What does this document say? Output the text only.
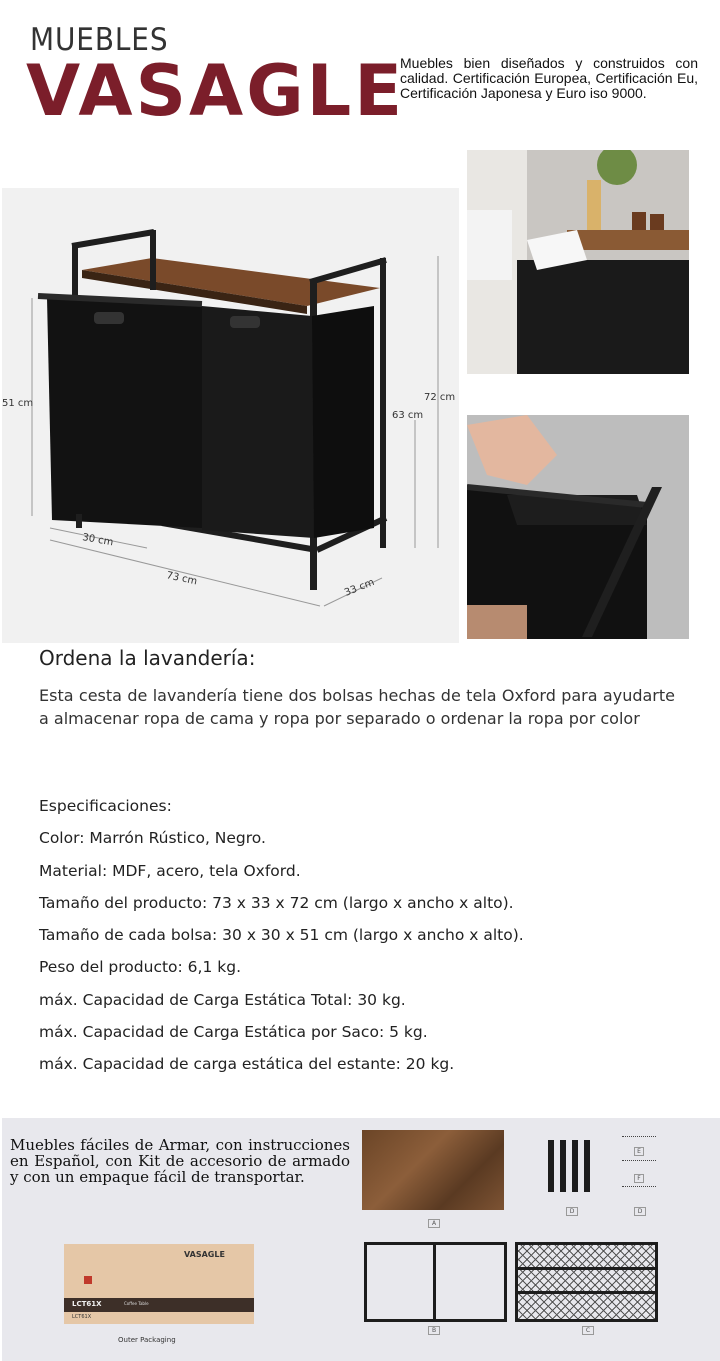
MUEBLES
VASAGLE
Muebles bien diseñados y construidos con calidad. Certificación Europea, Certificación Eu, Certificación Japonesa y Euro iso 9000.
51 cm
30 cm
73 cm
63 cm
72 cm
33 cm
Ordena la lavandería:
Esta cesta de lavandería tiene dos bolsas hechas de tela Oxford para ayudarte a almacenar ropa de cama y ropa por separado o ordenar la ropa por color
Especificaciones:
Color: Marrón Rústico, Negro.
Material: MDF, acero, tela Oxford.
Tamaño del producto: 73 x 33 x 72 cm (largo x ancho x alto).
Tamaño de cada bolsa: 30 x 30 x 51 cm (largo x ancho x alto).
Peso del producto: 6,1 kg.
máx. Capacidad de Carga Estática Total: 30 kg.
máx. Capacidad de Carga Estática por Saco: 5 kg.
máx. Capacidad de carga estática del estante: 20 kg.
Muebles fáciles de Armar, con instrucciones en Español, con Kit de accesorio de armado y con un empaque fácil de transportar.
A
D
E
F
D
B	C
VASAGLE
LCT61X	Coffee Table
LCT61X
Outer Packaging
